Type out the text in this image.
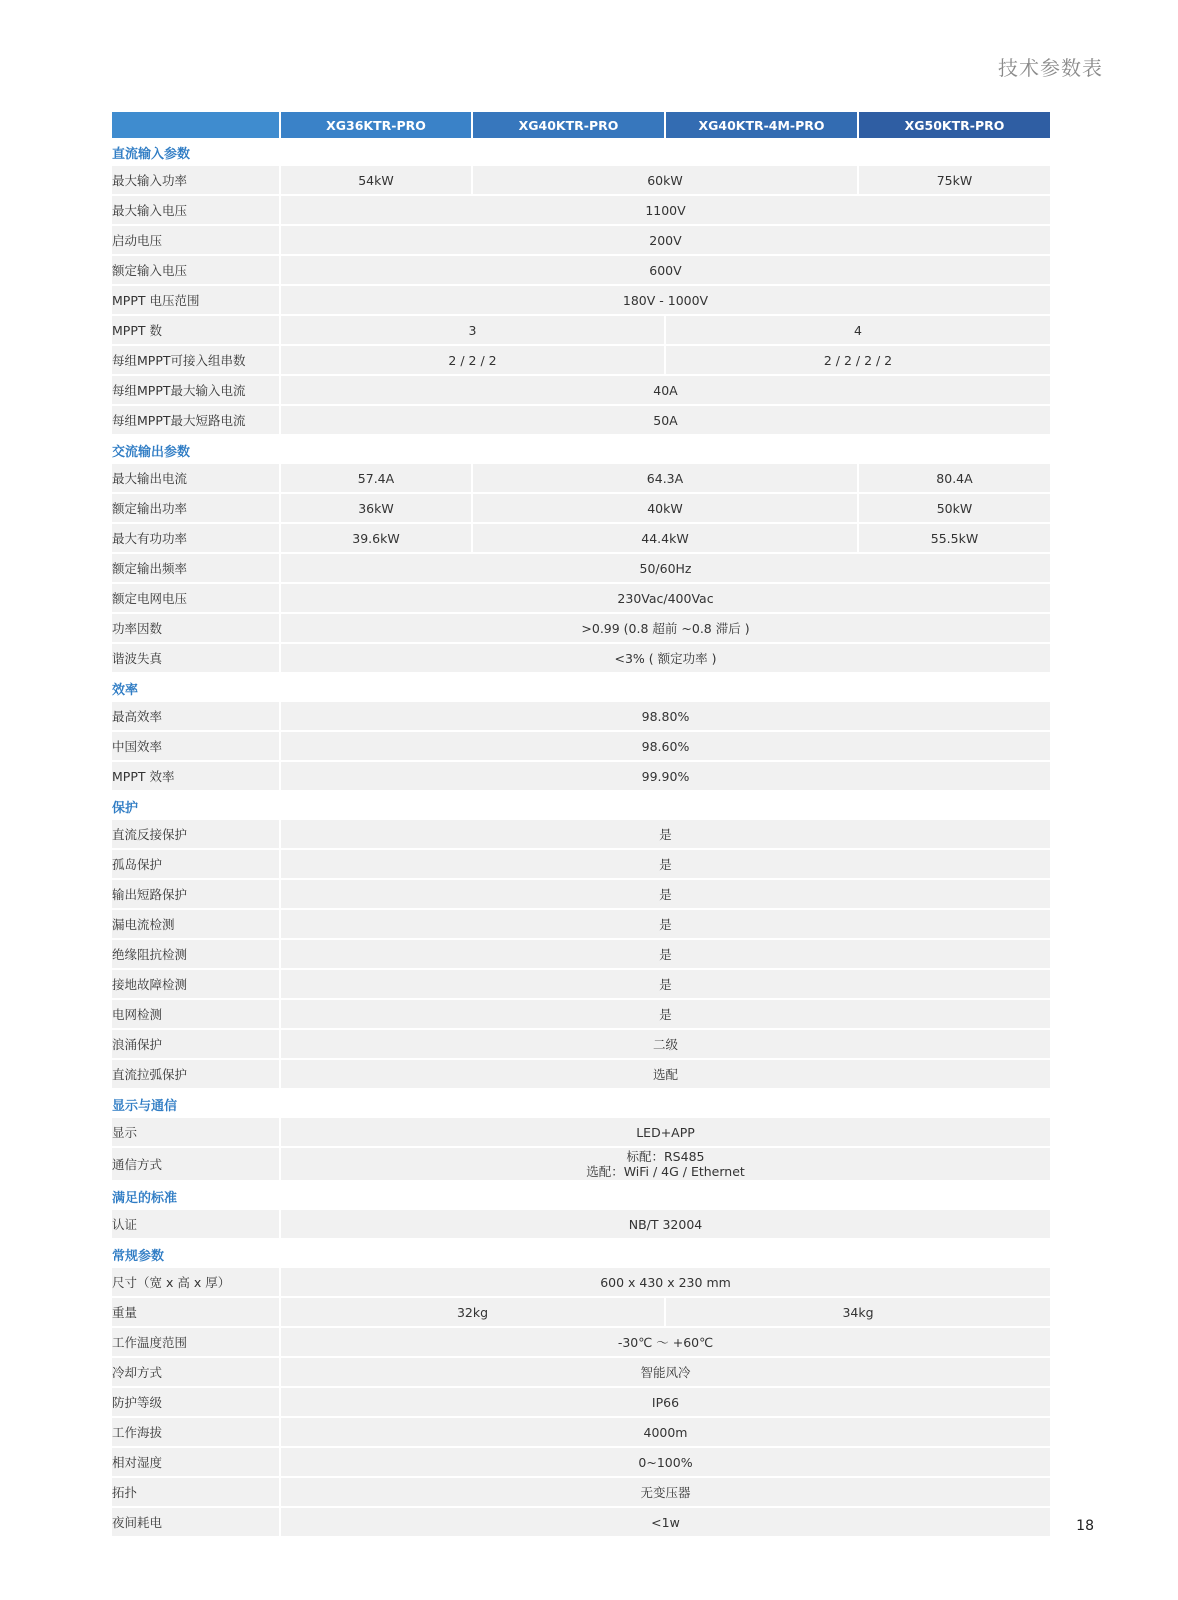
技术参数表
	XG36KTR-PRO	XG40KTR-PRO	XG40KTR-4M-PRO	XG50KTR-PRO
直流输入参数				
最大输入功率	54kW	60kW		75kW
最大输入电压	1100V			
启动电压	200V			
额定输入电压	600V			
MPPT 电压范围	180V - 1000V			
MPPT 数	3		4	
每组MPPT可接入组串数	2 / 2 / 2		2 / 2 / 2 / 2	
每组MPPT最大输入电流	40A			
每组MPPT最大短路电流	50A			
交流输出参数				
最大输出电流	57.4A	64.3A		80.4A
额定输出功率	36kW	40kW		50kW
最大有功功率	39.6kW	44.4kW		55.5kW
额定输出频率	50/60Hz			
额定电网电压	230Vac/400Vac			
功率因数	>0.99 (0.8 超前 ~0.8 滞后 )			
谐波失真	<3% ( 额定功率 )			
效率				
最高效率	98.80%			
中国效率	98.60%			
MPPT 效率	99.90%			
保护				
直流反接保护	是			
孤岛保护	是			
输出短路保护	是			
漏电流检测	是			
绝缘阻抗检测	是			
接地故障检测	是			
电网检测	是			
浪涌保护	二级			
直流拉弧保护	选配			
显示与通信				
显示	LED+APP			
通信方式	标配：RS485
选配：WiFi / 4G / Ethernet			

满足的标准				
认证	NB/T 32004			
常规参数				
尺寸（宽 x 高 x 厚）	600 x 430 x 230 mm			
重量	32kg		34kg	
工作温度范围	-30℃ ～ +60℃			
冷却方式	智能风冷			
防护等级	IP66			
工作海拔	4000m			
相对湿度	0~100%			
拓扑	无变压器			
夜间耗电	<1w				18
